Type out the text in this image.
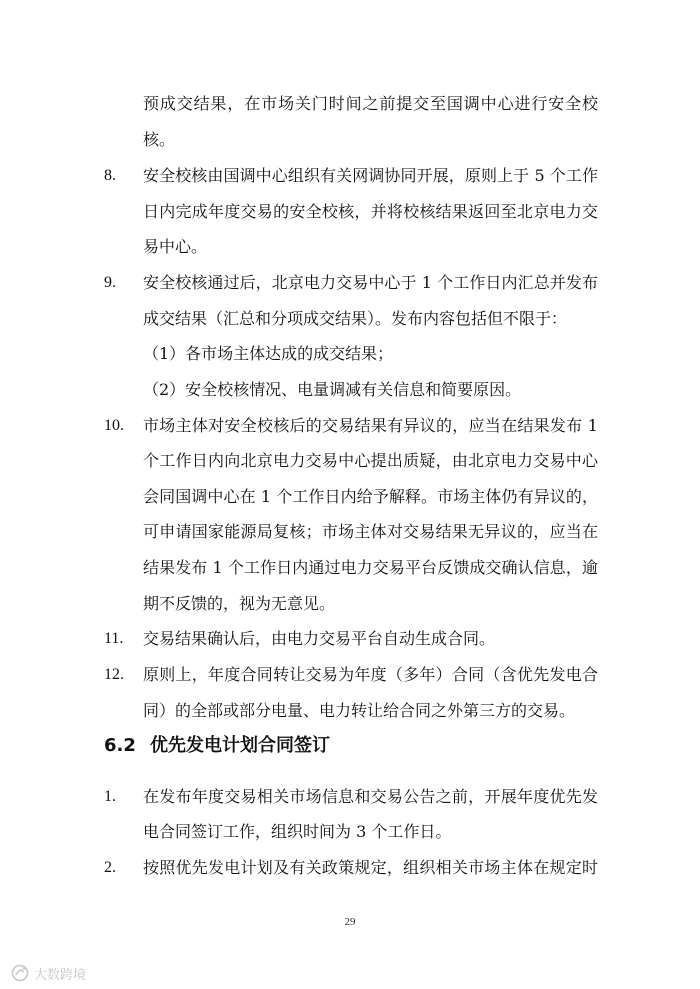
预成交结果，在市场关门时间之前提交至国调中心进行安全校
核。
8. 安全校核由国调中心组织有关网调协同开展，原则上于 5 个工作
日内完成年度交易的安全校核，并将校核结果返回至北京电力交
易中心。
9. 安全校核通过后，北京电力交易中心于 1 个工作日内汇总并发布
成交结果（汇总和分项成交结果）。发布内容包括但不限于：
（1）各市场主体达成的成交结果；
（2）安全校核情况、电量调减有关信息和简要原因。
10. 市场主体对安全校核后的交易结果有异议的，应当在结果发布 1
个工作日内向北京电力交易中心提出质疑，由北京电力交易中心
会同国调中心在 1 个工作日内给予解释。市场主体仍有异议的，
可申请国家能源局复核；市场主体对交易结果无异议的，应当在
结果发布 1 个工作日内通过电力交易平台反馈成交确认信息，逾
期不反馈的，视为无意见。
11. 交易结果确认后，由电力交易平台自动生成合同。
12. 原则上，年度合同转让交易为年度（多年）合同（含优先发电合
同）的全部或部分电量、电力转让给合同之外第三方的交易。
6.2 优先发电计划合同签订
1. 在发布年度交易相关市场信息和交易公告之前，开展年度优先发
电合同签订工作，组织时间为 3 个工作日。
2. 按照优先发电计划及有关政策规定，组织相关市场主体在规定时
29
大数跨境
